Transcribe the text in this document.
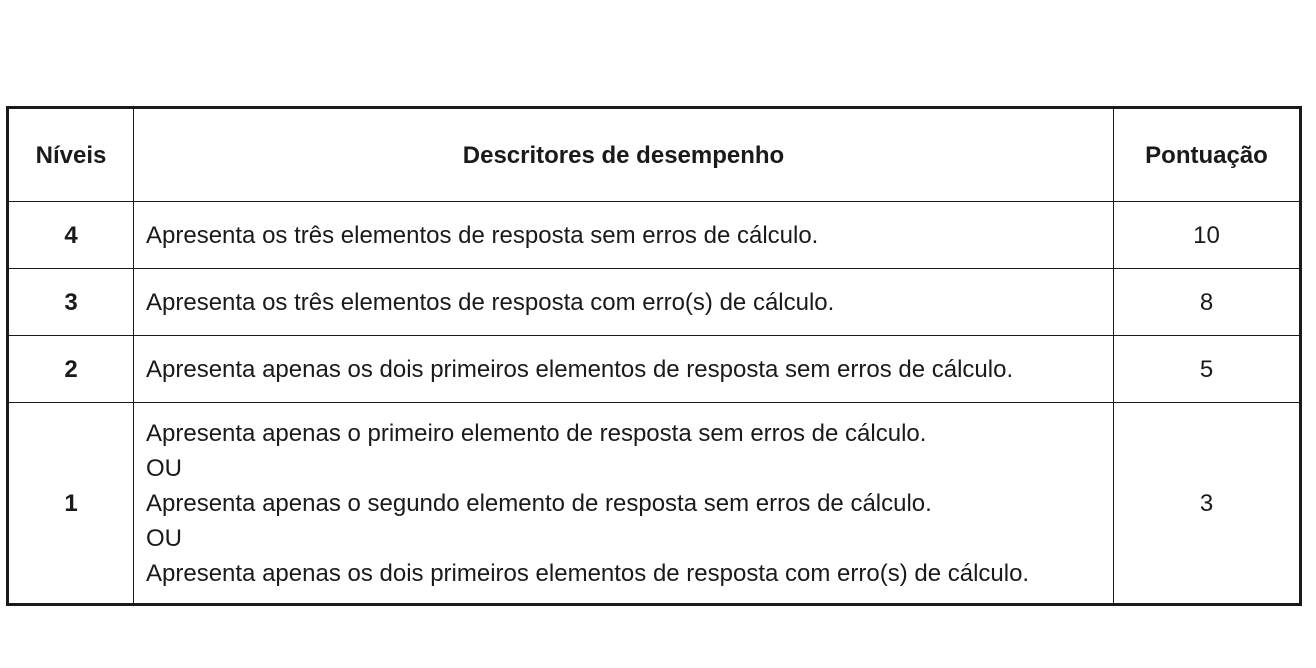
Níveis	Descritores de desempenho	Pontuação
4	Apresenta os três elementos de resposta sem erros de cálculo.	10
3	Apresenta os três elementos de resposta com erro(s) de cálculo.	8
2	Apresenta apenas os dois primeiros elementos de resposta sem erros de cálculo.	5
1	Apresenta apenas o primeiro elemento de resposta sem erros de cálculo.
OU
Apresenta apenas o segundo elemento de resposta sem erros de cálculo.
OU
Apresenta apenas os dois primeiros elementos de resposta com erro(s) de cálculo.	3
